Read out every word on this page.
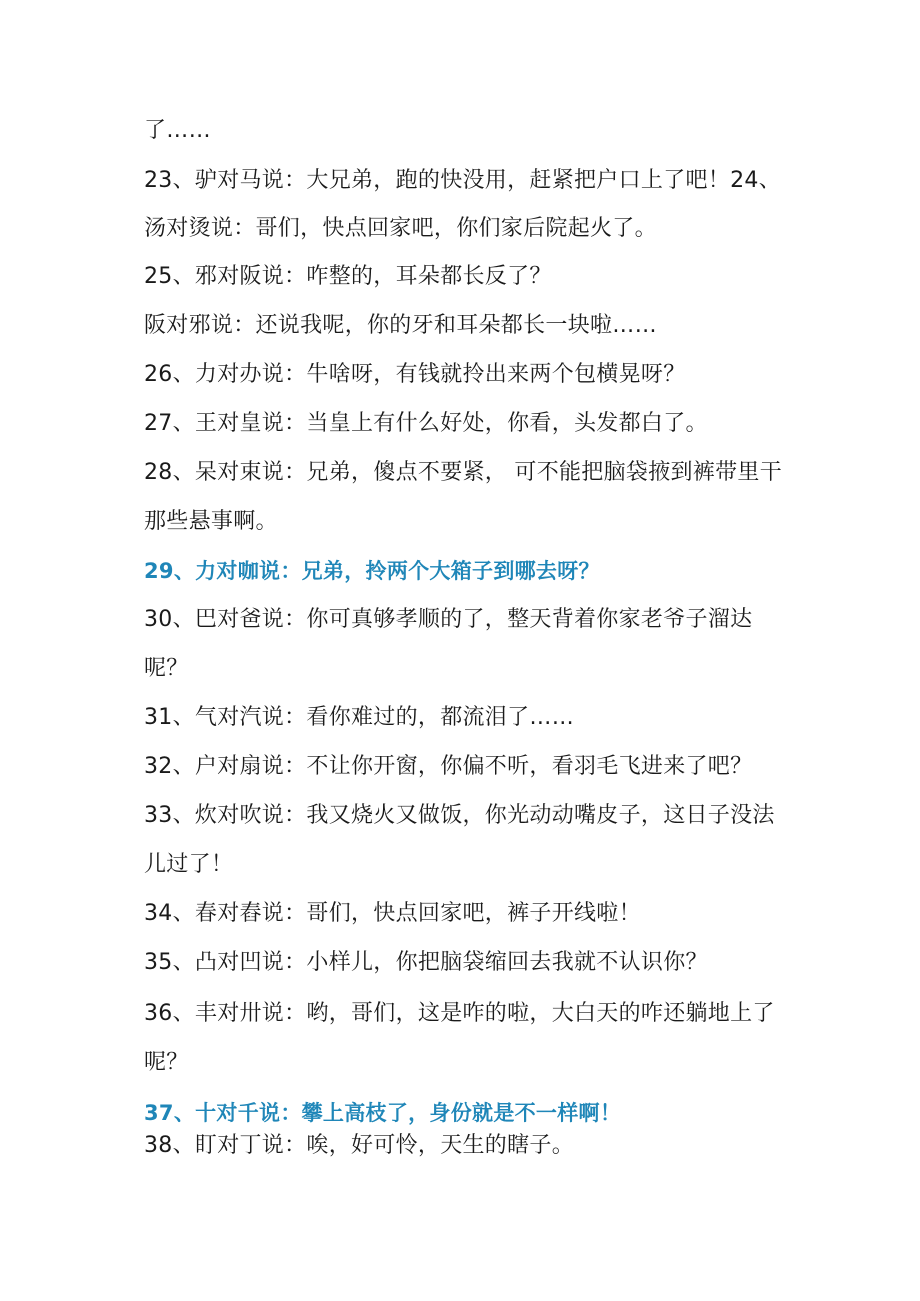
了……

23、驴对马说：大兄弟，跑的快没用，赶紧把户口上了吧！24、

汤对烫说：哥们，快点回家吧，你们家后院起火了。

25、邪对阪说：咋整的，耳朵都长反了？

阪对邪说：还说我呢，你的牙和耳朵都长一块啦……

26、力对办说：牛啥呀，有钱就拎出来两个包横晃呀？

27、王对皇说：当皇上有什么好处，你看，头发都白了。

28、呆对束说：兄弟，傻点不要紧， 可不能把脑袋掖到裤带里干

那些悬事啊。

29、力对咖说：兄弟，拎两个大箱子到哪去呀？

30、巴对爸说：你可真够孝顺的了，整天背着你家老爷子溜达

呢？

31、气对汽说：看你难过的，都流泪了……

32、户对扇说：不让你开窗，你偏不听，看羽毛飞进来了吧？

33、炊对吹说：我又烧火又做饭，你光动动嘴皮子，这日子没法

儿过了！

34、春对舂说：哥们，快点回家吧，裤子开线啦！

35、凸对凹说：小样儿，你把脑袋缩回去我就不认识你？

36、丰对卅说：哟，哥们，这是咋的啦，大白天的咋还躺地上了

呢？

37、十对千说：攀上高枝了，身份就是不一样啊！

38、盯对丁说：唉，好可怜，天生的瞎子。
